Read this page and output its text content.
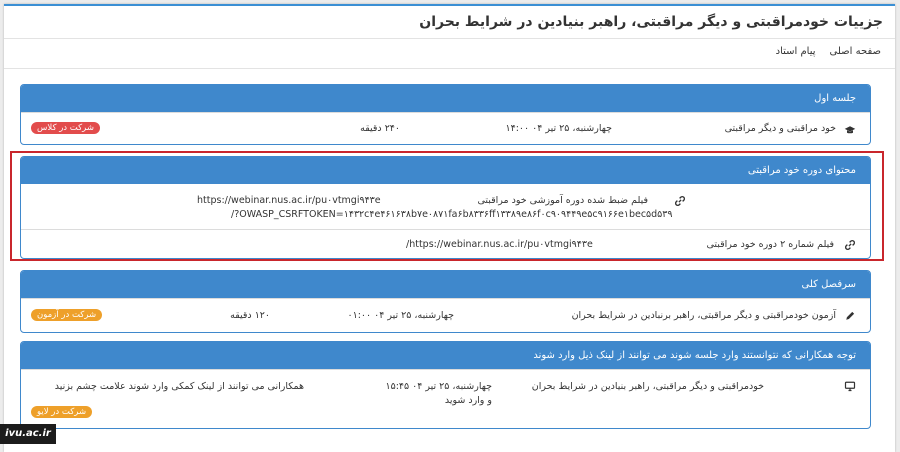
جزییات خودمراقبتی و دیگر مراقبتی، راهبر بنیادین در شرایط بحران
صفحه اصلی
پیام استاد
جلسه اول
خود مراقبتی و دیگر مراقبتی
چهارشنبه، ۲۵ تیر ۰۴ ۱۴:۰۰
۲۴۰ دقیقه
شرکت در کلاس
محتوای دوره خود مراقبتی
فیلم ضبط شده دوره آموزشی خود مراقبتی
https://webinar.nus.ac.ir/pu۰vtmgi۹۴۳e
/?OWASP_CSRFTOKEN=۱۴۳۲c۴e۴۶۱۶۳۸b۷e۰۸۷۱fa۶b۸۳۳۶ff۱۳۳۸۹e۸۶f۰c۹۰۹۴۴۹e۵c۹۱۶۶e۱bec۵d۵۳۹
فیلم شماره ۲ دوره خود مراقبتی
/https://webinar.nus.ac.ir/pu۰vtmgi۹۴۳e
سرفصل کلی
آزمون خودمراقبتی و دیگر مراقبتی، راهبر برنبادین در شرایط بحران
چهارشنبه، ۲۵ تیر ۰۴ ۰۱:۰۰
۱۲۰ دقیقه
شرکت در آزمون
توجه همکارانی که نتوانستند وارد جلسه شوند می توانند از لینک ذیل وارد شوند
خودمراقبتی و دیگر مراقبتی، راهبر بنیادین در شرایط بحران
چهارشنبه، ۲۵ تیر ۰۴ ۱۵:۴۵
و وارد شوید
همکارانی می توانند از لینک کمکی وارد شوند علامت چشم بزنید
شرکت در لایو
ivu.ac.ir
